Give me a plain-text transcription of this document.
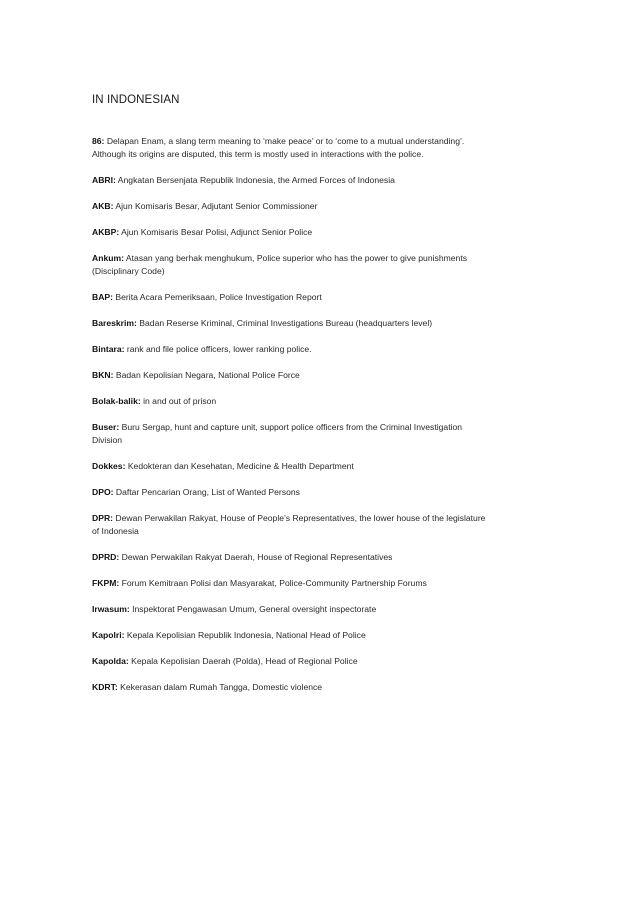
IN INDONESIAN
86: Delapan Enam, a slang term meaning to ‘make peace’ or to ‘come to a mutual understanding’. Although its origins are disputed, this term is mostly used in interactions with the police.
ABRI: Angkatan Bersenjata Republik Indonesia, the Armed Forces of Indonesia
AKB: Ajun Komisaris Besar, Adjutant Senior Commissioner
AKBP: Ajun Komisaris Besar Polisi, Adjunct Senior Police
Ankum: Atasan yang berhak menghukum, Police superior who has the power to give punishments (Disciplinary Code)
BAP: Berita Acara Pemeriksaan, Police Investigation Report
Bareskrim: Badan Reserse Kriminal, Criminal Investigations Bureau (headquarters level)
Bintara: rank and file police officers, lower ranking police.
BKN: Badan Kepolisian Negara, National Police Force
Bolak-balik: in and out of prison
Buser: Buru Sergap, hunt and capture unit, support police officers from the Criminal Investigation Division
Dokkes: Kedokteran dan Kesehatan, Medicine & Health Department
DPO: Daftar Pencarian Orang, List of Wanted Persons
DPR: Dewan Perwakilan Rakyat, House of People’s Representatives, the lower house of the legislature of Indonesia
DPRD: Dewan Perwakilan Rakyat Daerah, House of Regional Representatives
FKPM: Forum Kemitraan Polisi dan Masyarakat, Police-Community Partnership Forums
Irwasum: Inspektorat Pengawasan Umum, General oversight inspectorate
Kapolri: Kepala Kepolisian Republik Indonesia, National Head of Police
Kapolda: Kepala Kepolisian Daerah (Polda), Head of Regional Police
KDRT: Kekerasan dalam Rumah Tangga, Domestic violence
